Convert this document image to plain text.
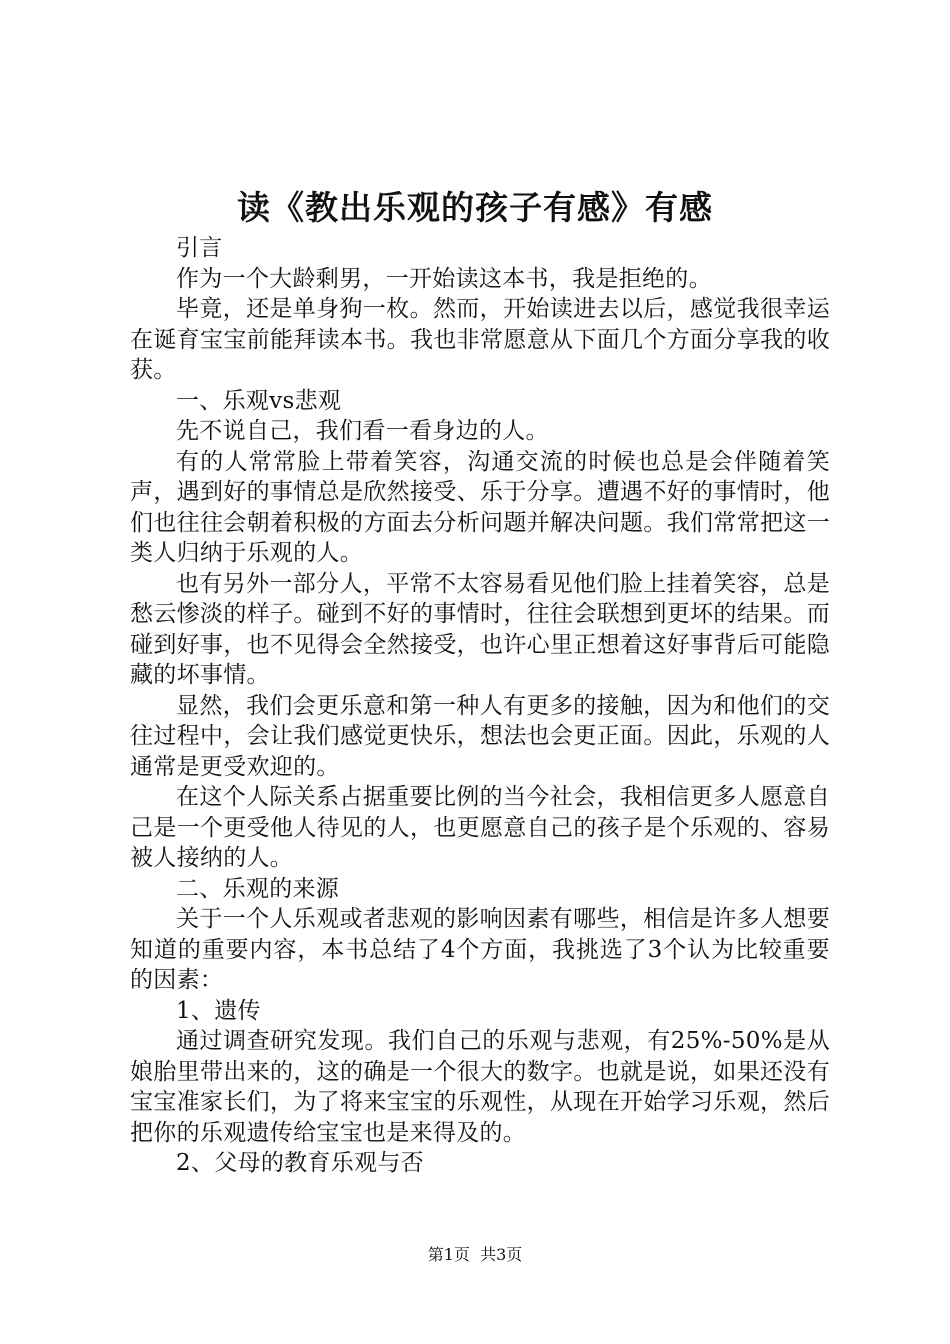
读《教出乐观的孩子有感》有感

引言

作为一个大龄剩男，一开始读这本书，我是拒绝的。

毕竟，还是单身狗一枚。然而，开始读进去以后，感觉我很幸运在诞育宝宝前能拜读本书。我也非常愿意从下面几个方面分享我的收获。

一、乐观vs悲观

先不说自己，我们看一看身边的人。

有的人常常脸上带着笑容，沟通交流的时候也总是会伴随着笑声，遇到好的事情总是欣然接受、乐于分享。遭遇不好的事情时，他们也往往会朝着积极的方面去分析问题并解决问题。我们常常把这一类人归纳于乐观的人。

也有另外一部分人，平常不太容易看见他们脸上挂着笑容，总是愁云惨淡的样子。碰到不好的事情时，往往会联想到更坏的结果。而碰到好事，也不见得会全然接受，也许心里正想着这好事背后可能隐藏的坏事情。

显然，我们会更乐意和第一种人有更多的接触，因为和他们的交往过程中，会让我们感觉更快乐，想法也会更正面。因此，乐观的人通常是更受欢迎的。

在这个人际关系占据重要比例的当今社会，我相信更多人愿意自己是一个更受他人待见的人，也更愿意自己的孩子是个乐观的、容易被人接纳的人。

二、乐观的来源

关于一个人乐观或者悲观的影响因素有哪些，相信是许多人想要知道的重要内容，本书总结了4个方面，我挑选了3个认为比较重要的因素：

1、遗传

通过调查研究发现。我们自己的乐观与悲观，有25%-50%是从娘胎里带出来的，这的确是一个很大的数字。也就是说，如果还没有宝宝准家长们，为了将来宝宝的乐观性，从现在开始学习乐观，然后把你的乐观遗传给宝宝也是来得及的。

2、父母的教育乐观与否

第1页 共3页
